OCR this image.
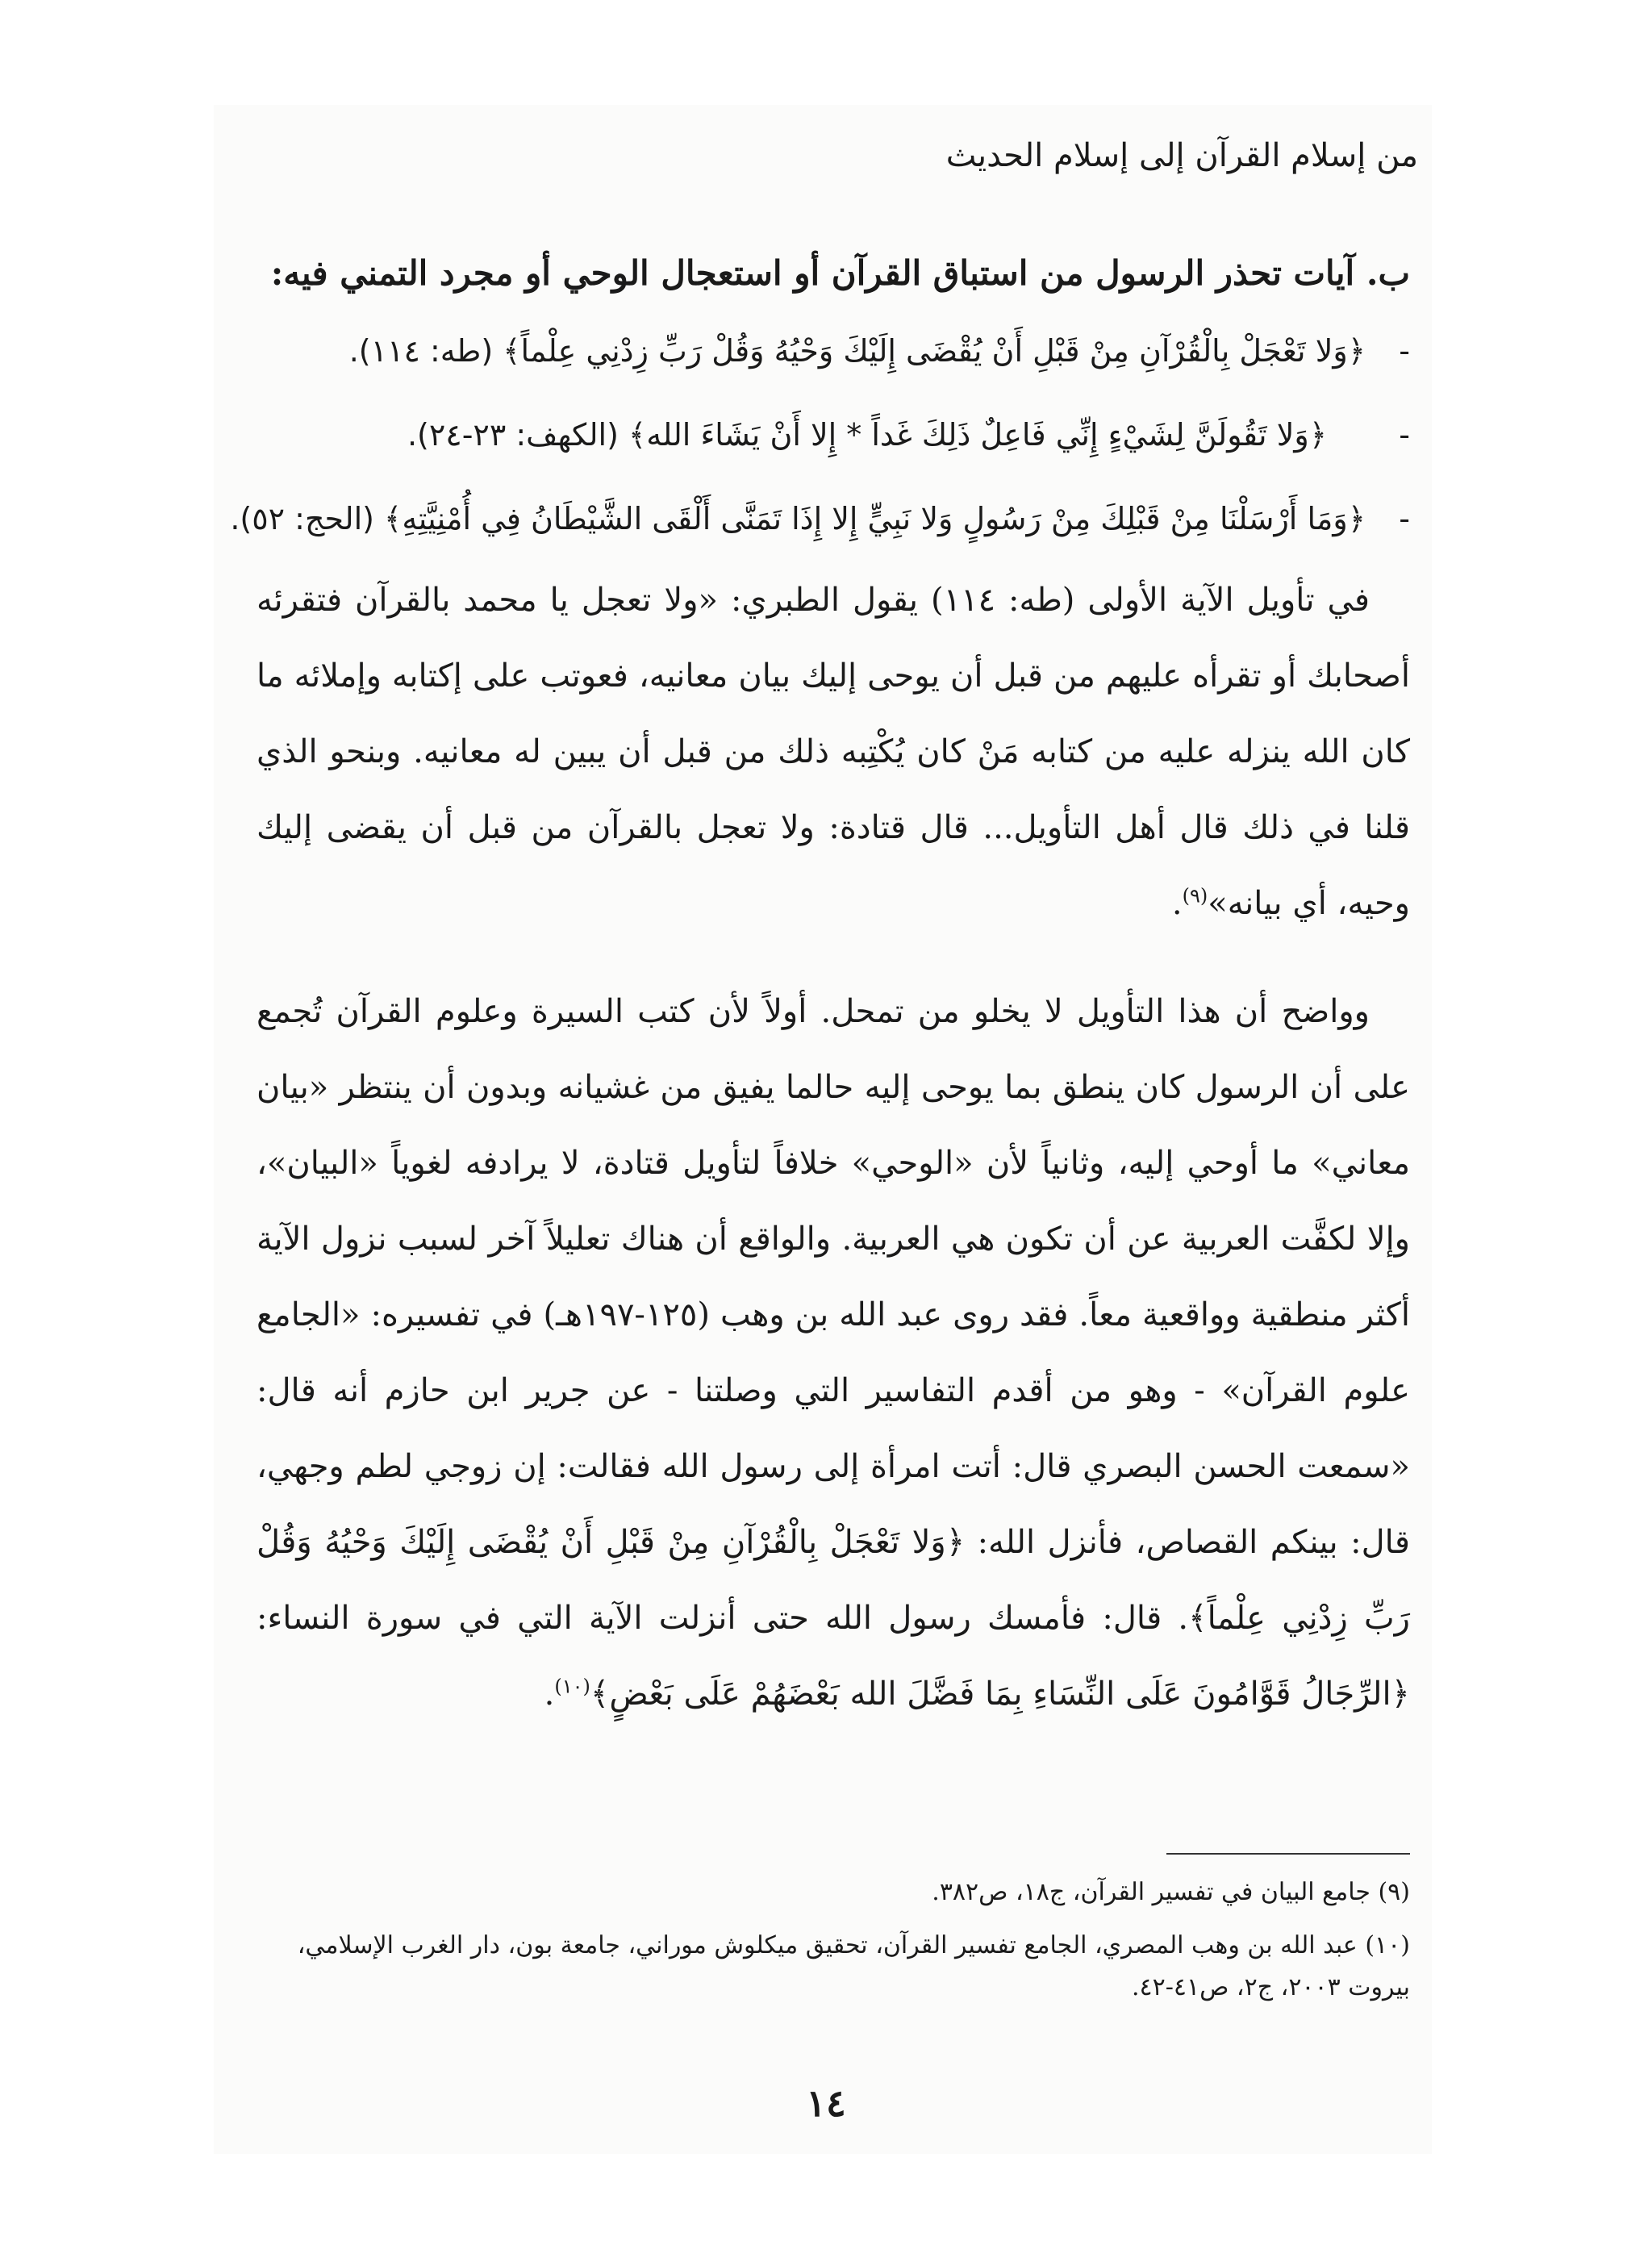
من إسلام القرآن إلى إسلام الحديث
ب. آيات تحذر الرسول من استباق القرآن أو استعجال الوحي أو مجرد التمني فيه:
-﴿وَلا تَعْجَلْ بِالْقُرْآنِ مِنْ قَبْلِ أَنْ يُقْضَى إِلَيْكَ وَحْيُهُ وَقُلْ رَبِّ زِدْنِي عِلْماً﴾ (طه: ١١٤).
-﴿وَلا تَقُولَنَّ لِشَيْءٍ إِنِّي فَاعِلٌ ذَلِكَ غَداً * إِلا أَنْ يَشَاءَ الله﴾ (الكهف: ٢٣-٢٤).
-﴿وَمَا أَرْسَلْنَا مِنْ قَبْلِكَ مِنْ رَسُولٍ وَلا نَبِيٍّ إِلا إِذَا تَمَنَّى أَلْقَى الشَّيْطَانُ فِي أُمْنِيَّتِهِ﴾ (الحج: ٥٢).

في تأويل الآية الأولى (طه: ١١٤) يقول الطبري: «ولا تعجل يا محمد بالقرآن فتقرئه أصحابك أو تقرأه عليهم من قبل أن يوحى إليك بيان معانيه، فعوتب على إكتابه وإملائه ما كان الله ينزله عليه من كتابه مَنْ كان يُكْتِبه ذلك من قبل أن يبين له معانيه. وبنحو الذي قلنا في ذلك قال أهل التأويل... قال قتادة: ولا تعجل بالقرآن من قبل أن يقضى إليك وحيه، أي بيانه»$^{(٩)}$.

وواضح أن هذا التأويل لا يخلو من تمحل. أولاً لأن كتب السيرة وعلوم القرآن تُجمع على أن الرسول كان ينطق بما يوحى إليه حالما يفيق من غشيانه وبدون أن ينتظر «بيان معاني» ما أوحي إليه، وثانياً لأن «الوحي» خلافاً لتأويل قتادة، لا يرادفه لغوياً «البيان»، وإلا لكفَّت العربية عن أن تكون هي العربية. والواقع أن هناك تعليلاً آخر لسبب نزول الآية أكثر منطقية وواقعية معاً. فقد روى عبد الله بن وهب (١٢٥-١٩٧هـ) في تفسيره: «الجامع علوم القرآن» - وهو من أقدم التفاسير التي وصلتنا - عن جرير ابن حازم أنه قال: «سمعت الحسن البصري قال: أتت امرأة إلى رسول الله فقالت: إن زوجي لطم وجهي، قال: بينكم القصاص، فأنزل الله: ﴿وَلا تَعْجَلْ بِالْقُرْآنِ مِنْ قَبْلِ أَنْ يُقْضَى إِلَيْكَ وَحْيُهُ وَقُلْ رَبِّ زِدْنِي عِلْماً﴾. قال: فأمسك رسول الله حتى أنزلت الآية التي في سورة النساء: ﴿الرِّجَالُ قَوَّامُونَ عَلَى النِّسَاءِ بِمَا فَضَّلَ الله بَعْضَهُمْ عَلَى بَعْضٍ﴾$^{(١٠)}$.

(٩) جامع البيان في تفسير القرآن، ج١٨، ص٣٨٢.

(١٠) عبد الله بن وهب المصري، الجامع تفسير القرآن، تحقيق ميكلوش موراني، جامعة بون، دار الغرب الإسلامي، بيروت ٢٠٠٣، ج٢، ص٤١-٤٢.

١٤
